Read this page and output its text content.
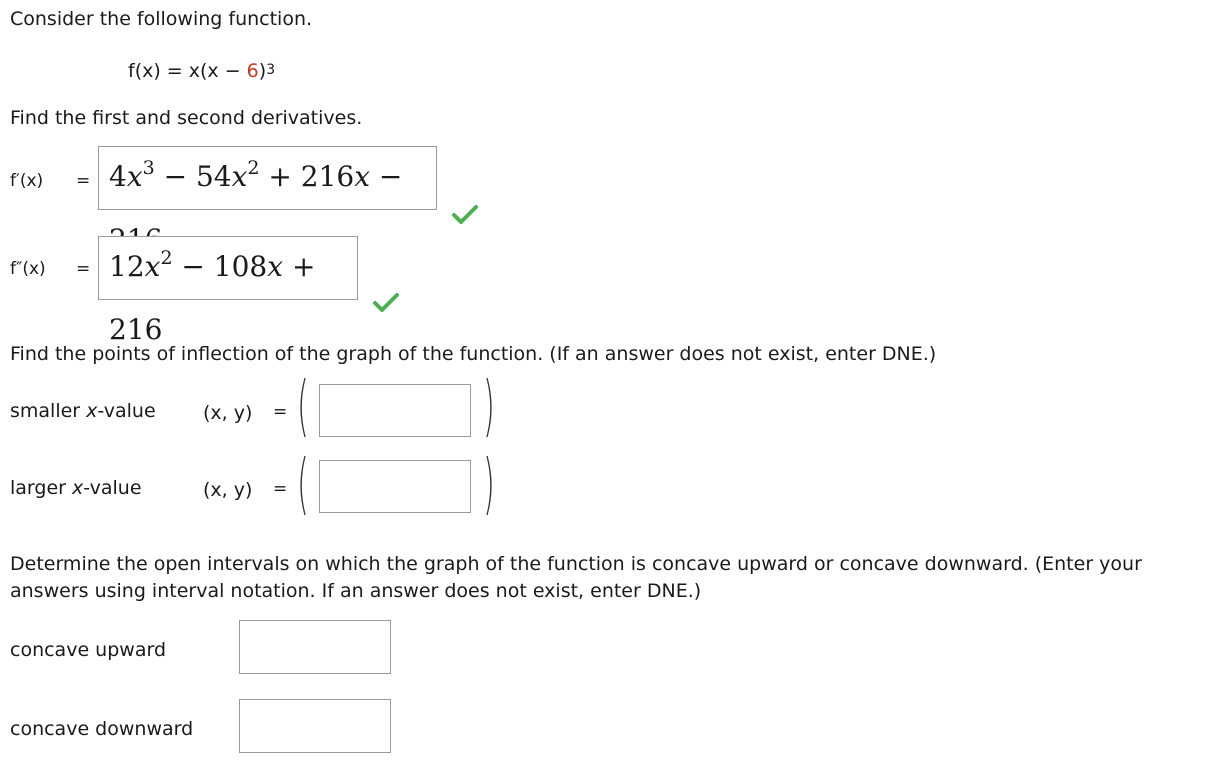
Consider the following function.
$f(x) = x(x - 6)^3$
Find the first and second derivatives.
$f'(x) = 4x^3 - 54x^2 + 216x$ −
$f''(x) = 12x^2 - 108x + 216$
Find the points of inflection of the graph of the function. (If an answer does not exist, enter DNE.)
smaller x-value (x, y) = (	)
larger x-value	(x, y) = (	)
Determine the open intervals on which the graph of the function is concave upward or concave downward. (Enter your
answers using interval notation. If an answer does not exist, enter DNE.)
concave upward
concave downward
